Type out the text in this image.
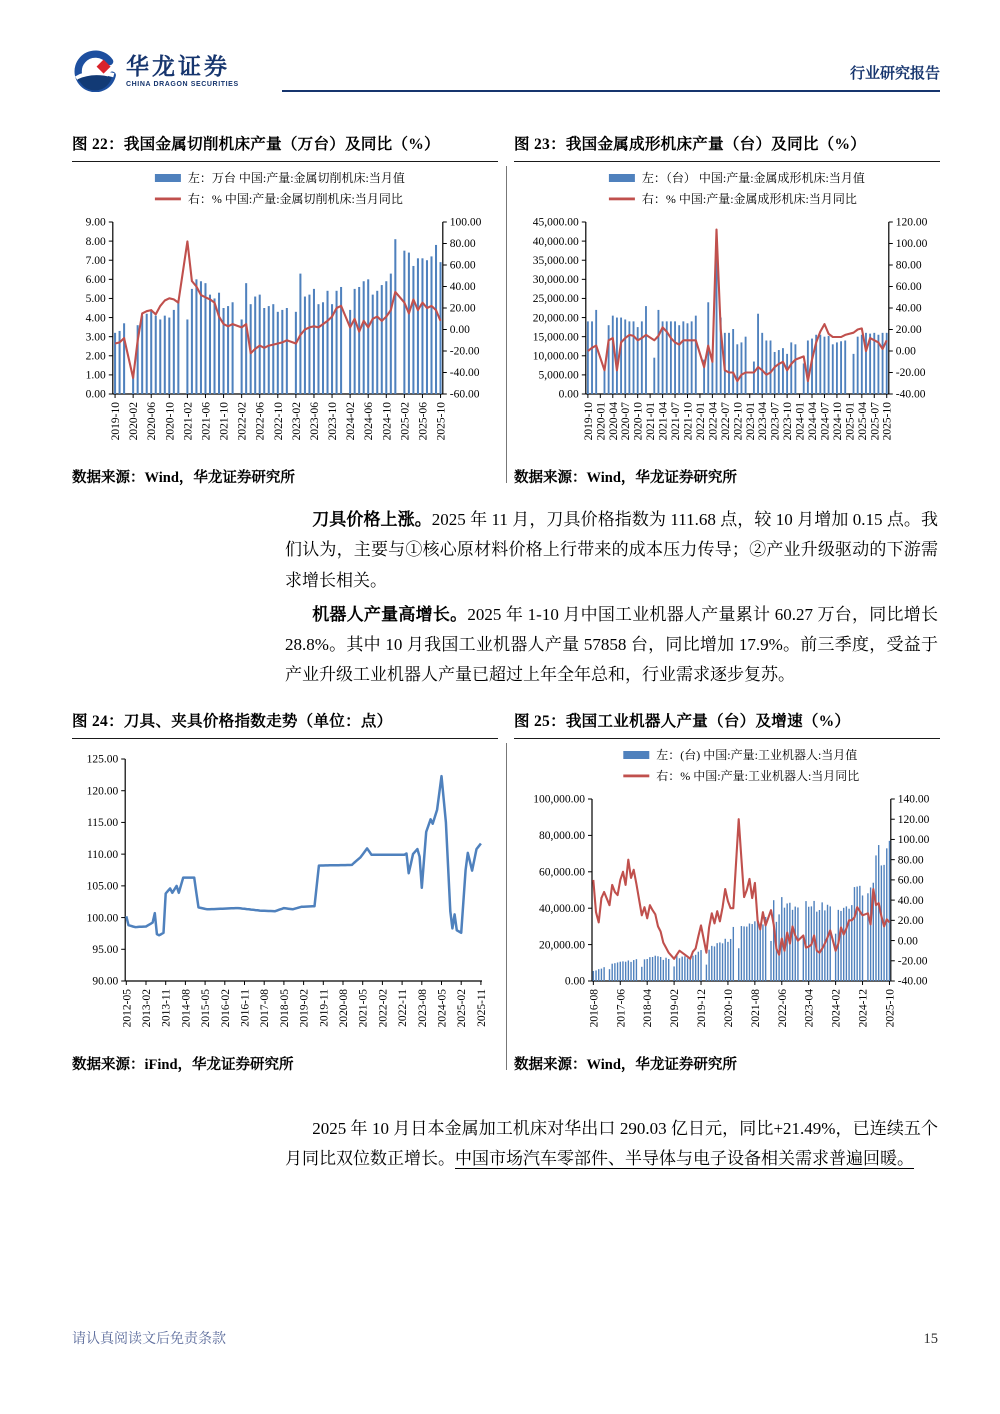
华龙证券
CHINA DRAGON SECURITIES
行业研究报告
图 22：我国金属切削机床产量（万台）及同比（%）
0.00
1.00
2.00
3.00
4.00
5.00
6.00
7.00
8.00
9.00
-60.00
-40.00
-20.00
0.00
20.00
40.00
60.00
80.00
100.00
2019-10 2020-02 2020-06 2020-10 2021-02 2021-06 2021-10 2022-02 2022-06 2022-10 2023-02 2023-06 2023-10 2024-02 2024-06 2024-10 2025-02 2025-06 2025-10
左：万台 中国:产量:金属切削机床:当月值
右：% 中国:产量:金属切削机床:当月同比
数据来源：Wind，华龙证券研究所
图 23：我国金属成形机床产量（台）及同比（%）
0.00
5,000.00
10,000.00
15,000.00
20,000.00
25,000.00
30,000.00
35,000.00
40,000.00
45,000.00
-40.00
-20.00
0.00
20.00
40.00
60.00
80.00
100.00
120.00
2019-10 2020-01 2020-04 2020-07 2020-10 2021-01 2021-04 2021-07 2021-10 2022-01 2022-04 2022-07 2022-10 2023-01 2023-04 2023-07 2023-10 2024-01 2024-04 2024-07 2024-10 2025-01 2025-04 2025-07 2025-10
左：（台） 中国:产量:金属成形机床:当月值
右：% 中国:产量:金属成形机床:当月同比
数据来源：Wind，华龙证券研究所

刀具价格上涨。2025 年 11 月，刀具价格指数为 111.68 点，较 10 月增加 0.15 点。我们认为，主要与①核心原材料价格上行带来的成本压力传导；②产业升级驱动的下游需求增长相关。

机器人产量高增长。2025 年 1-10 月中国工业机器人产量累计 60.27 万台，同比增长 28.8%。其中 10 月我国工业机器人产量 57858 台，同比增加 17.9%。前三季度，受益于产业升级工业机器人产量已超过上年全年总和，行业需求逐步复苏。

图 24：刀具、夹具价格指数走势（单位：点）
90.00
95.00
100.00
105.00
110.00
115.00
120.00
125.00
2012-05 2013-02 2013-11 2014-08 2015-05 2016-02 2016-11 2017-08 2018-05 2019-02 2019-11 2020-08 2021-05 2022-02 2022-11 2023-08 2024-05 2025-02 2025-11
数据来源：iFind，华龙证券研究所
图 25：我国工业机器人产量（台）及增速（%）
0.00
20,000.00
40,000.00
60,000.00
80,000.00
100,000.00
-40.00
-20.00
0.00
20.00
40.00
60.00
80.00
100.00
120.00
140.00
2016-08 2017-06 2018-04 2019-02 2019-12 2020-10 2021-08 2022-06 2023-04 2024-02 2024-12 2025-10
左：(台) 中国:产量:工业机器人:当月值
右：% 中国:产量:工业机器人:当月同比
数据来源：Wind，华龙证券研究所

2025 年 10 月日本金属加工机床对华出口 290.03 亿日元，同比+21.49%，已连续五个月同比双位数正增长。中国市场汽车零部件、半导体与电子设备相关需求普遍回暖。

请认真阅读文后免责条款	15
